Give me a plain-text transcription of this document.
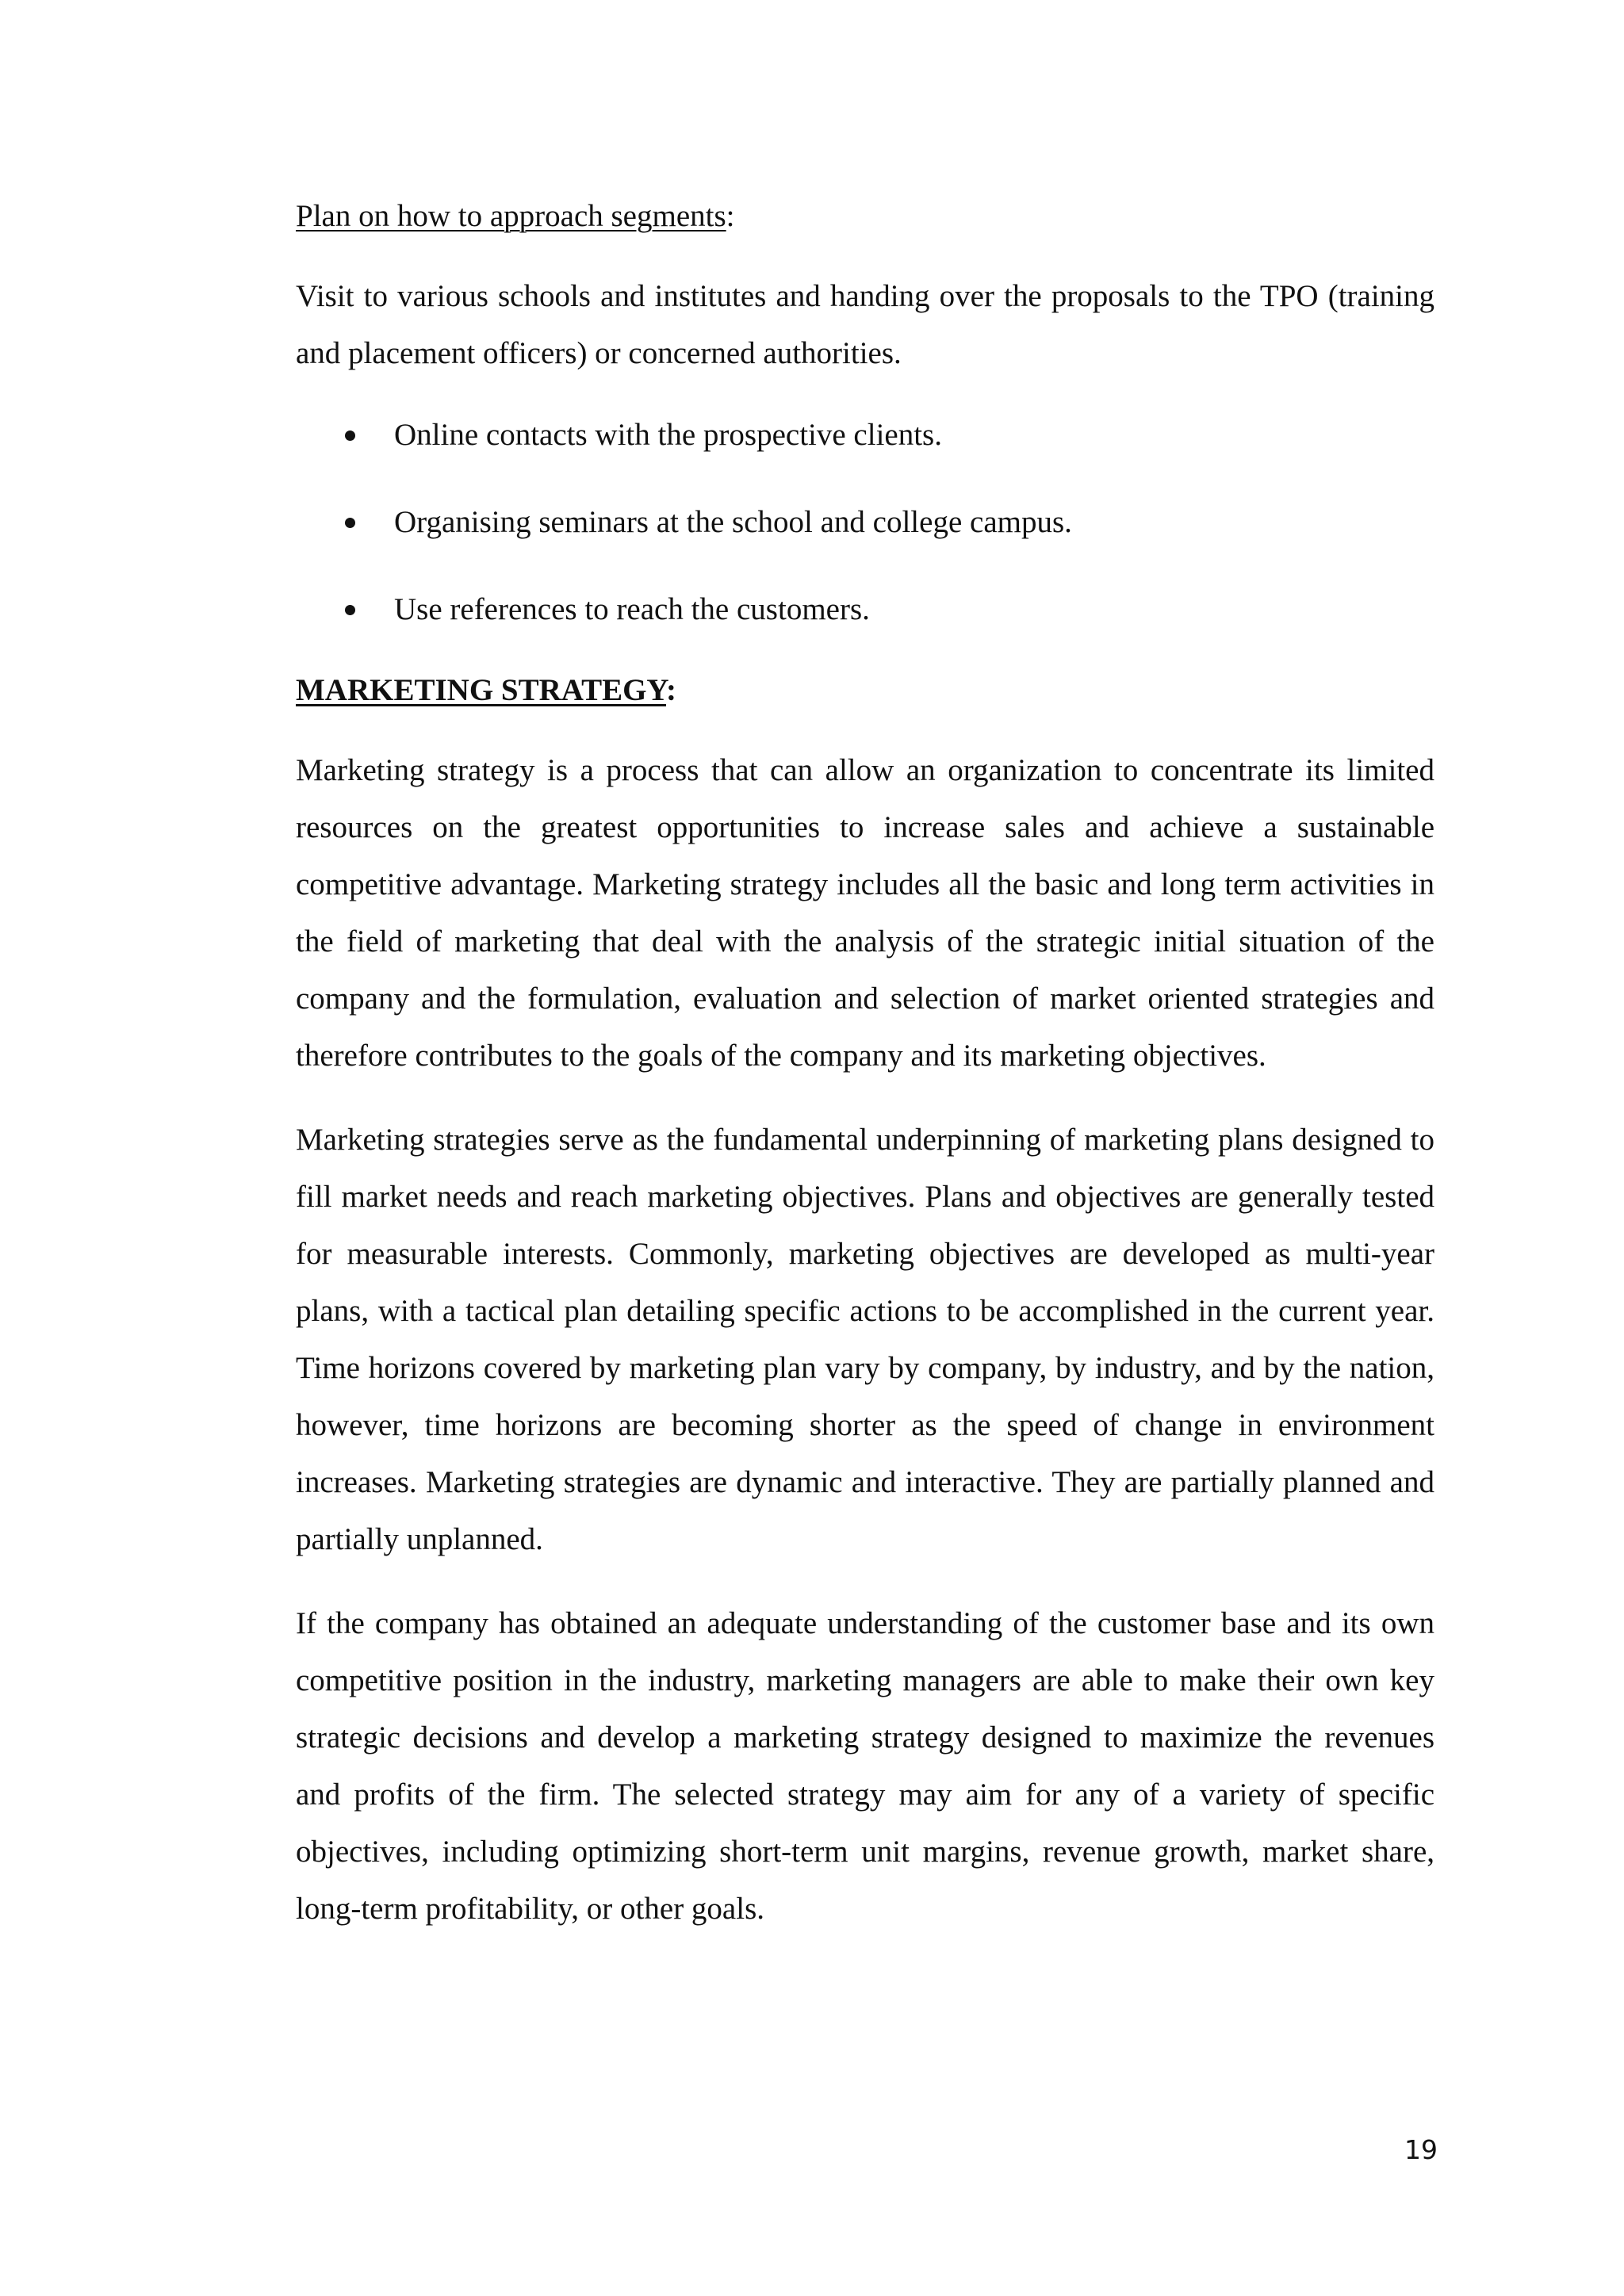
Plan on how to approach segments:

Visit to various schools and institutes and handing over the proposals to the TPO (training and placement officers) or concerned authorities.

Online contacts with the prospective clients.
Organising seminars at the school and college campus.
Use references to reach the customers.
MARKETING STRATEGY:

Marketing strategy is a process that can allow an organization to concentrate its limited resources on the greatest opportunities to increase sales and achieve a sustainable competitive advantage. Marketing strategy includes all the basic and long term activities in the field of marketing that deal with the analysis of the strategic initial situation of the company and the formulation, evaluation and selection of market oriented strategies and therefore contributes to the goals of the company and its marketing objectives.

Marketing strategies serve as the fundamental underpinning of marketing plans designed to fill market needs and reach marketing objectives. Plans and objectives are generally tested for measurable interests. Commonly, marketing objectives are developed as multi-year plans, with a tactical plan detailing specific actions to be accomplished in the current year. Time horizons covered by marketing plan vary by company, by industry, and by the nation, however, time horizons are becoming shorter as the speed of change in environment increases. Marketing strategies are dynamic and interactive. They are partially planned and partially unplanned.

If the company has obtained an adequate understanding of the customer base and its own competitive position in the industry, marketing managers are able to make their own key strategic decisions and develop a marketing strategy designed to maximize the revenues and profits of the firm. The selected strategy may aim for any of a variety of specific objectives, including optimizing short-term unit margins, revenue growth, market share, long-term profitability, or other goals.

19
